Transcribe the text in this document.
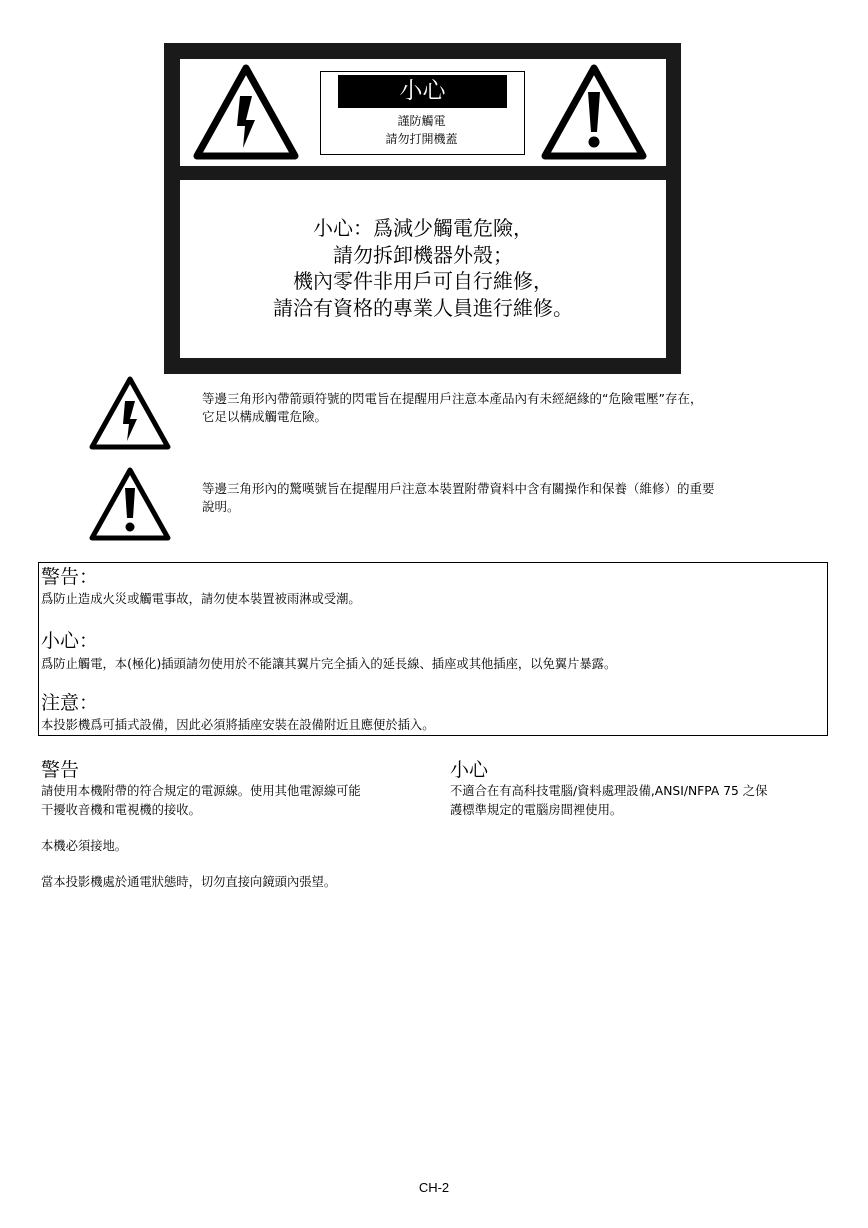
小心
謹防觸電
請勿打開機蓋
小心：爲減少觸電危險，
請勿拆卸機器外殼；
機內零件非用戶可自行維修，
請洽有資格的專業人員進行維修。
等邊三角形內帶箭頭符號的閃電旨在提醒用戶注意本產品內有未經絕緣的“危險電壓”存在，
它足以構成觸電危險。
等邊三角形內的驚嘆號旨在提醒用戶注意本裝置附帶資料中含有關操作和保養（維修）的重要
說明。
警告：
爲防止造成火災或觸電事故，請勿使本裝置被雨淋或受潮。
小心：
爲防止觸電，本(極化)插頭請勿使用於不能讓其翼片完全插入的延長線、插座或其他插座，以免翼片暴露。
注意：
本投影機爲可插式設備，因此必須將插座安裝在設備附近且應便於插入。
警告
請使用本機附帶的符合規定的電源線。使用其他電源線可能
干擾收音機和電視機的接收。
本機必須接地。
當本投影機處於通電狀態時，切勿直接向鏡頭內張望。
小心
不適合在有高科技電腦/資料處理設備,ANSI/NFPA 75 之保
護標準規定的電腦房間裡使用。
CH-2
